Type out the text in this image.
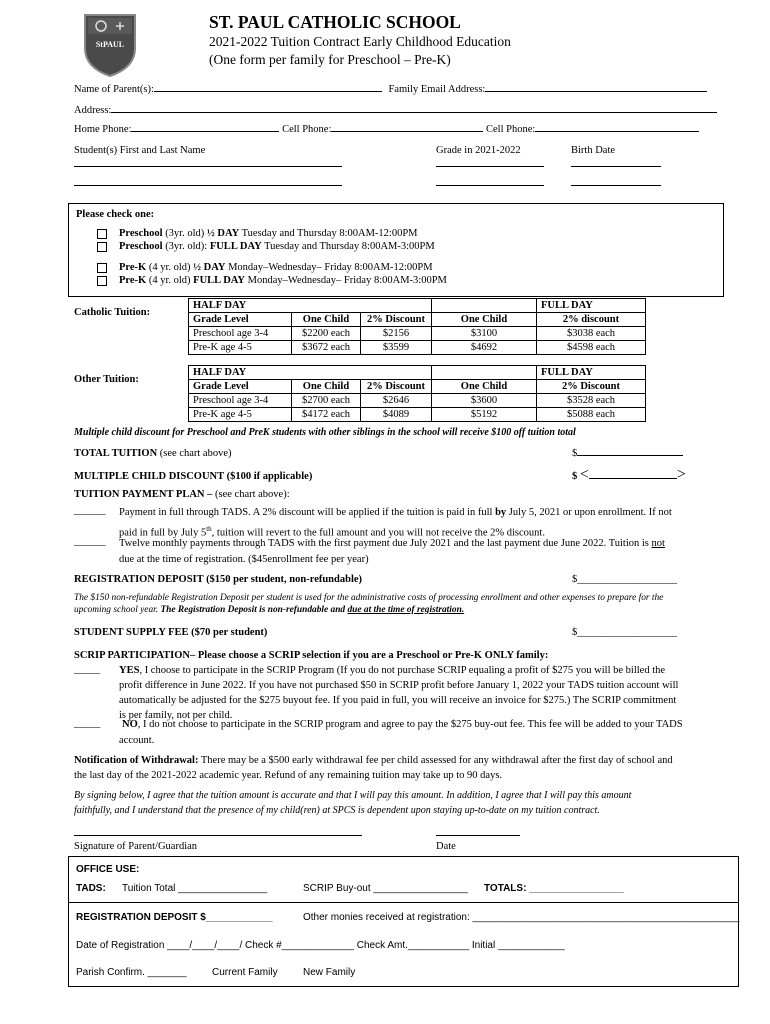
StPAUL
ST. PAUL CATHOLIC SCHOOL
2021-2022 Tuition Contract Early Childhood Education
(One form per family for Preschool – Pre-K)
Name of Parent(s):	Family Email Address:
Address:
Home Phone:	Cell Phone:	Cell Phone:
Student(s) First and Last Name	Grade in 2021-2022	Birth Date
Please check one:
Preschool (3yr. old) ½ DAY Tuesday and Thursday 8:00AM-12:00PM
Preschool (3yr. old): FULL DAY Tuesday and Thursday 8:00AM-3:00PM
Pre-K (4 yr. old) ½ DAY Monday–Wednesday– Friday 8:00AM-12:00PM
Pre-K (4 yr. old) FULL DAY Monday–Wednesday– Friday 8:00AM-3:00PM
Catholic Tuition:
HALF DAY				FULL DAY
Grade Level	One Child	2% Discount	One Child	2% discount
Preschool age 3-4	$2200 each	$2156	$3100	$3038 each
Pre-K age 4-5	$3672 each	$3599	$4692	$4598 each
Other Tuition:
HALF DAY				FULL DAY
Grade Level	One Child	2% Discount	One Child	2% Discount
Preschool age 3-4	$2700 each	$2646	$3600	$3528 each
Pre-K age 4-5	$4172 each	$4089	$5192	$5088 each
Multiple child discount for Preschool and PreK students with other siblings in the school will receive $100 off tuition total
TOTAL TUITION (see chart above)	$
MULTIPLE CHILD DISCOUNT ($100 if applicable)	$ <	>
TUITION PAYMENT PLAN – (see chart above):
______ Payment in full through TADS. A 2% discount will be applied if the tuition is paid in full by July 5, 2021 or upon enrollment. If not
paid in full by July 5th, tuition will revert to the full amount and you will not receive the 2% discount.
______ Twelve monthly payments through TADS with the first payment due July 2021 and the last payment due June 2022. Tuition is not
due at the time of registration. ($45enrollment fee per year)
REGISTRATION DEPOSIT ($150 per student, non-refundable)	$___________________
The $150 non-refundable Registration Deposit per student is used for the administrative costs of processing enrollment and other expenses to prepare for the
upcoming school year. The Registration Deposit is non-refundable and due at the time of registration.
STUDENT SUPPLY FEE ($70 per student)	$___________________
SCRIP PARTICIPATION– Please choose a SCRIP selection if you are a Preschool or Pre-K ONLY family:
_____ YES, I choose to participate in the SCRIP Program (If you do not purchase SCRIP equaling a profit of $275 you will be billed the
profit difference in June 2022. If you have not purchased $50 in SCRIP profit before January 1, 2022 your TADS tuition account will
automatically be adjusted for the $275 buyout fee. If you paid in full, you will receive an invoice for $275.) The SCRIP commitment
is per family, not per child.
_____ NO, I do not choose to participate in the SCRIP program and agree to pay the $275 buy-out fee. This fee will be added to your TADS
account.
Notification of Withdrawal: There may be a $500 early withdrawal fee per child assessed for any withdrawal after the first day of school and
the last day of the 2021-2022 academic year. Refund of any remaining tuition may take up to 90 days.
By signing below, I agree that the tuition amount is accurate and that I will pay this amount. In addition, I agree that I will pay this amount
faithfully, and I understand that the presence of my child(ren) at SPCS is dependent upon staying up-to-date on my tuition contract.
Signature of Parent/Guardian	Date
OFFICE USE:
TADS: Tuition Total ________________	SCRIP Buy-out _________________ TOTALS: _________________
REGISTRATION DEPOSIT $____________	Other monies received at registration: ________________________________________________
Date of Registration ____/____/____/ Check #_____________ Check Amt.___________ Initial ____________
Parish Confirm. _______	Current Family	New Family
